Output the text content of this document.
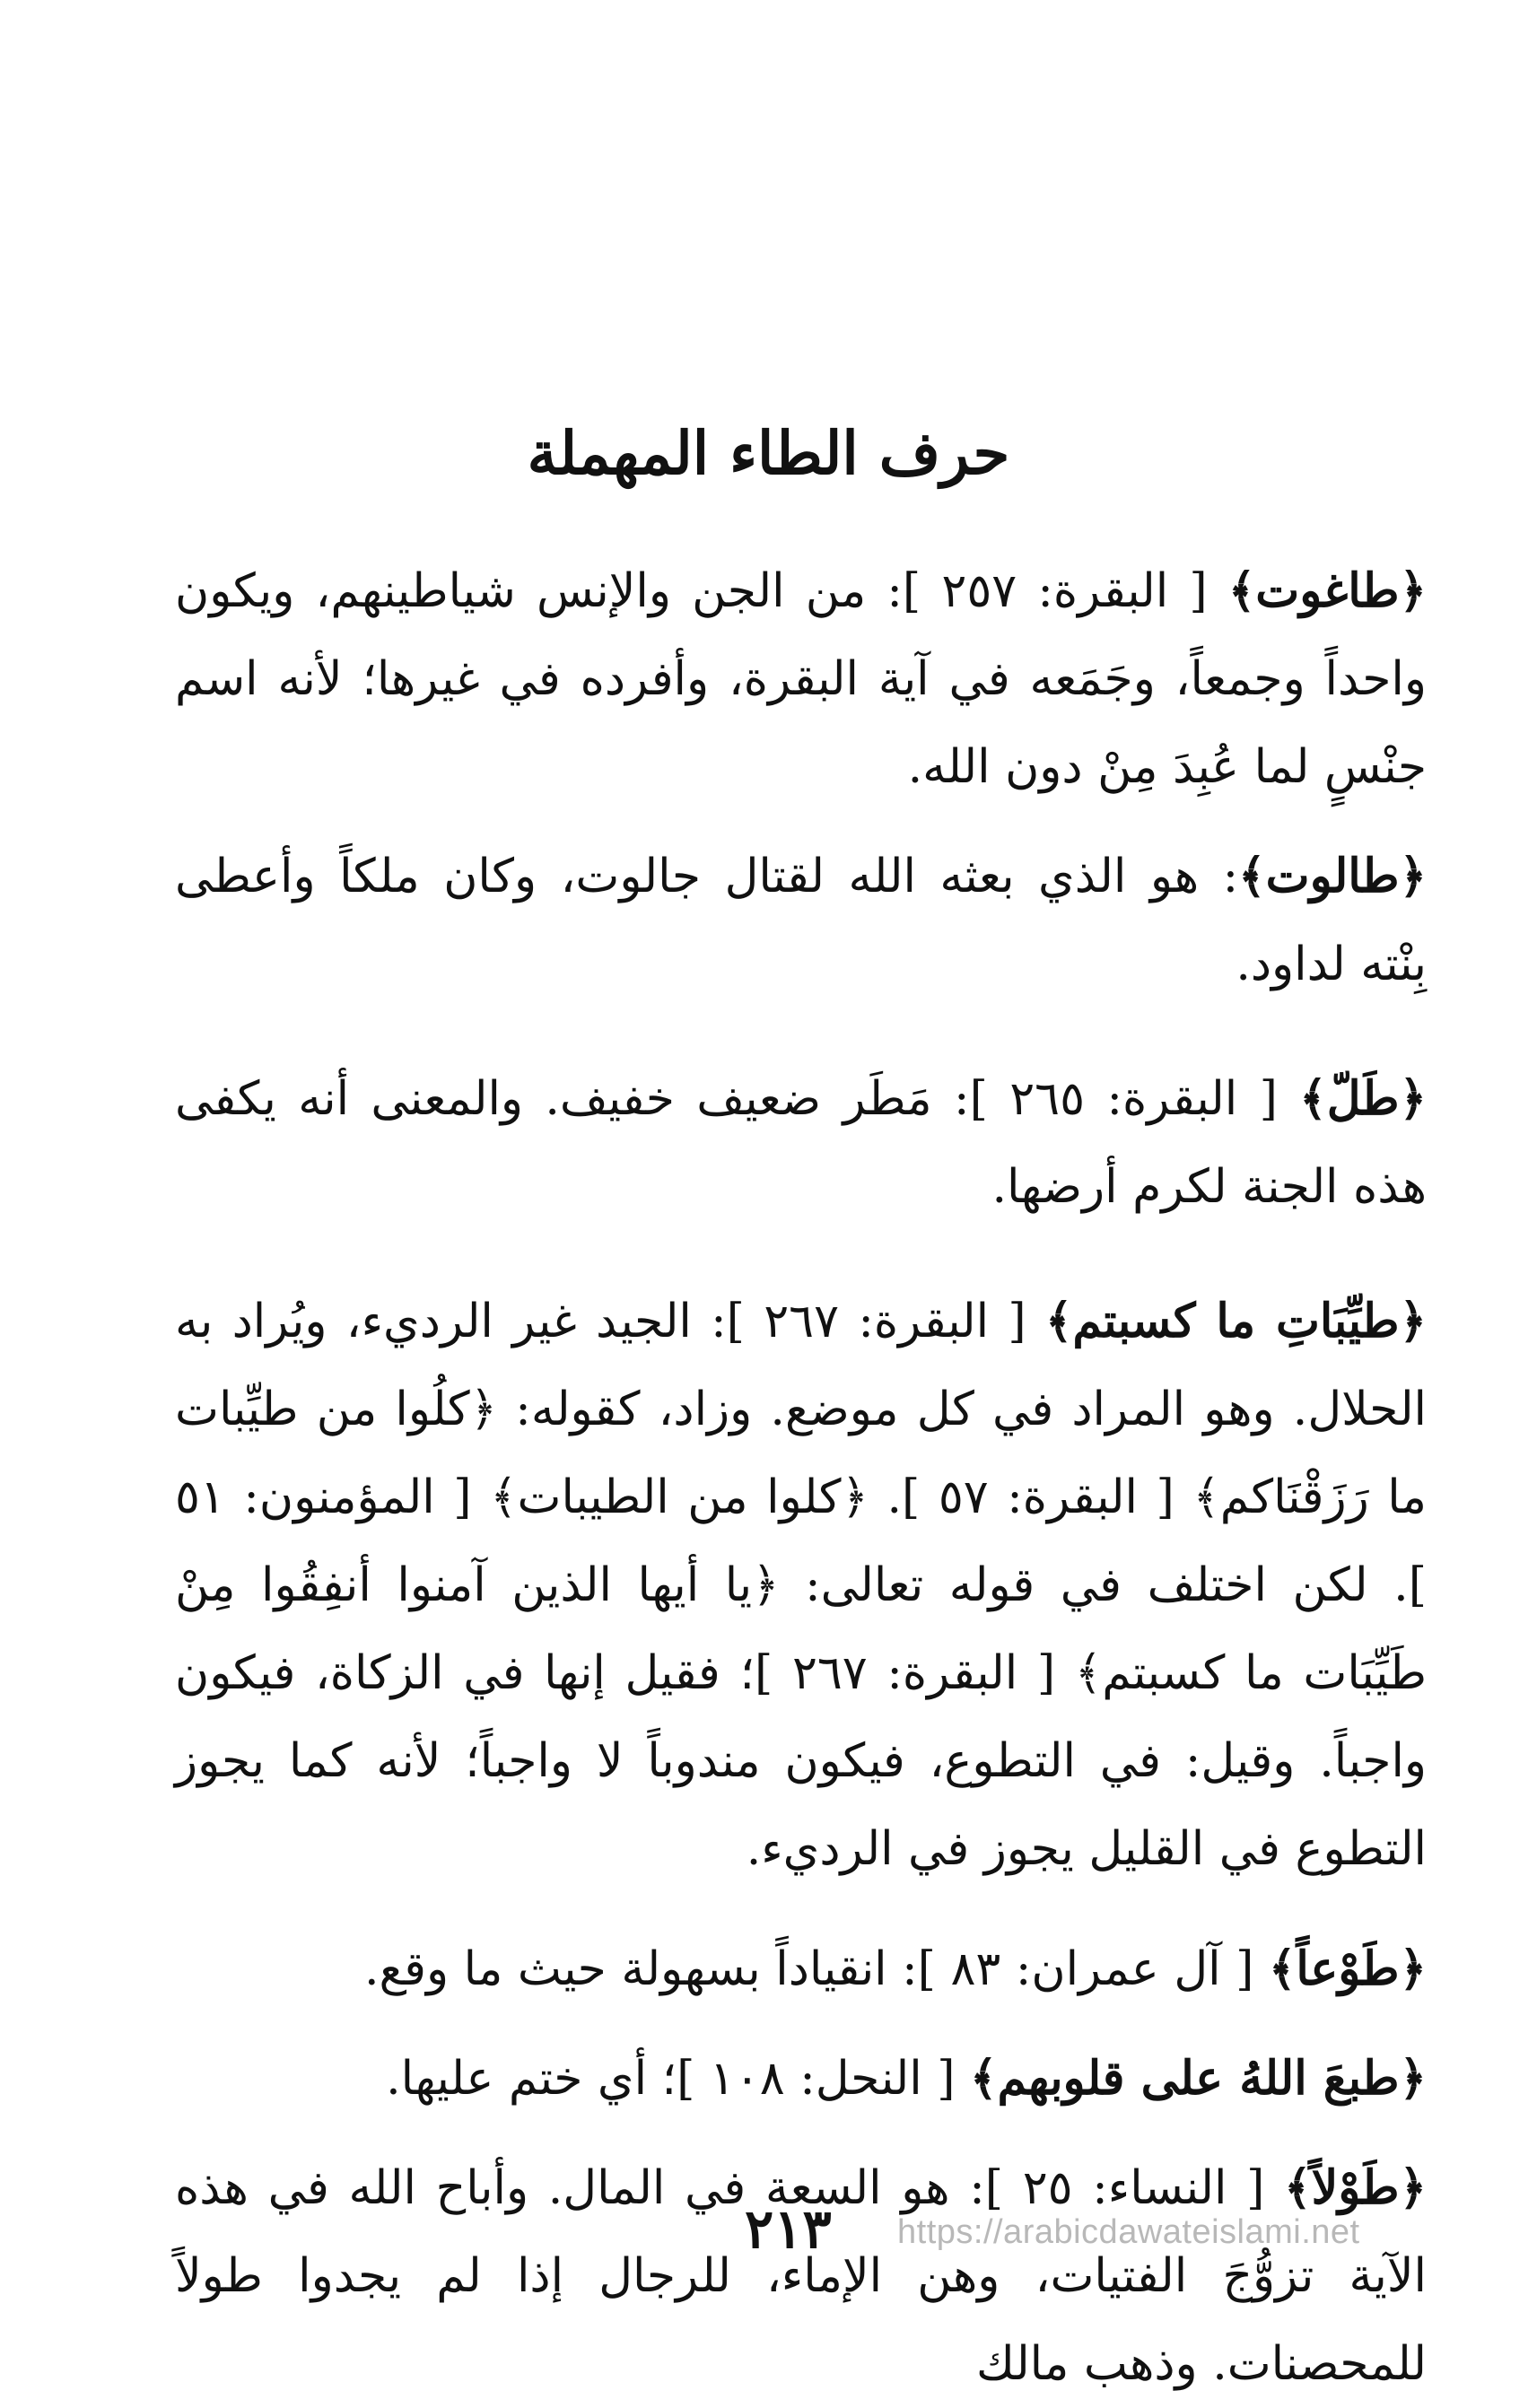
حرف الطاء المهملة

﴿طاغوت﴾ [ البقرة: ٢٥٧ ]: من الجن والإنس شياطينهم، ويكون واحداً وجمعاً، وجَمَعه في آية البقرة، وأفرده في غيرها؛ لأنه اسم جنْسٍ لما عُبِدَ مِنْ دون الله.

﴿طالوت﴾: هو الذي بعثه الله لقتال جالوت، وكان ملكاً وأعطى بِنْته لداود.

﴿طَلّ﴾ [ البقرة: ٢٦٥ ]: مَطَر ضعيف خفيف. والمعنى أنه يكفى هذه الجنة لكرم أرضها.

﴿طيِّبَاتِ ما كسبتم﴾ [ البقرة: ٢٦٧ ]: الجيد غير الرديء، ويُراد به الحلال. وهو المراد في كل موضع. وزاد، كقوله: ﴿كلُوا من طيِّبات ما رَزَقْنَاكم﴾ [ البقرة: ٥٧ ]. ﴿كلوا من الطيبات﴾ [ المؤمنون: ٥١ ]. لكن اختلف في قوله تعالى: ﴿يا أيها الذين آمنوا أنفِقُوا مِنْ طَيِّبَات ما كسبتم﴾ [ البقرة: ٢٦٧ ]؛ فقيل إنها في الزكاة، فيكون واجباً. وقيل: في التطوع، فيكون مندوباً لا واجباً؛ لأنه كما يجوز التطوع في القليل يجوز في الرديء.

﴿طَوْعاً﴾ [ آل عمران: ٨٣ ]: انقياداً بسهولة حيث ما وقع.

﴿طبعَ اللهُ على قلوبهم﴾ [ النحل: ١٠٨ ]؛ أي ختم عليها.

﴿طَوْلاً﴾ [ النساء: ٢٥ ]: هو السعة في المال. وأباح الله في هذه الآية تزوُّجَ الفتيات، وهن الإماء، للرجال إذا لم يجدوا طولاً للمحصنات. وذهب مالك

٢١٣ https://arabicdawateislami.net
